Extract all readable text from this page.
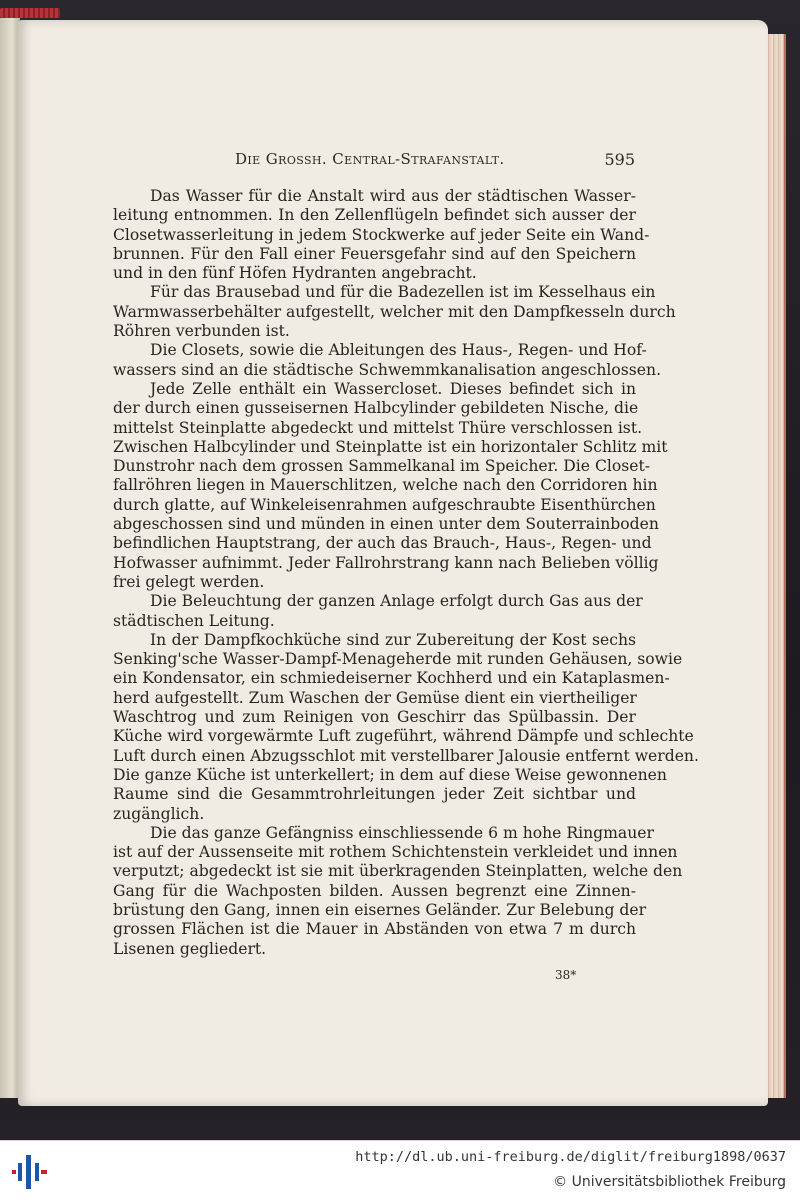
Die Grossh. Central-Strafanstalt.	595
Das Wasser für die Anstalt wird aus der städtischen Wasser-
leitung entnommen. In den Zellenflügeln befindet sich ausser der
Closetwasserleitung in jedem Stockwerke auf jeder Seite ein Wand-
brunnen. Für den Fall einer Feuersgefahr sind auf den Speichern
und in den fünf Höfen Hydranten angebracht.
Für das Brausebad und für die Badezellen ist im Kesselhaus ein
Warmwasserbehälter aufgestellt, welcher mit den Dampfkesseln durch
Röhren verbunden ist.
Die Closets, sowie die Ableitungen des Haus-, Regen- und Hof-
wassers sind an die städtische Schwemmkanalisation angeschlossen.
Jede Zelle enthält ein Wassercloset. Dieses befindet sich in
der durch einen gusseisernen Halbcylinder gebildeten Nische, die
mittelst Steinplatte abgedeckt und mittelst Thüre verschlossen ist.
Zwischen Halbcylinder und Steinplatte ist ein horizontaler Schlitz mit
Dunstrohr nach dem grossen Sammelkanal im Speicher. Die Closet-
fallröhren liegen in Mauerschlitzen, welche nach den Corridoren hin
durch glatte, auf Winkeleisenrahmen aufgeschraubte Eisenthürchen
abgeschossen sind und münden in einen unter dem Souterrainboden
befindlichen Hauptstrang, der auch das Brauch-, Haus-, Regen- und
Hofwasser aufnimmt. Jeder Fallrohrstrang kann nach Belieben völlig
frei gelegt werden.
Die Beleuchtung der ganzen Anlage erfolgt durch Gas aus der
städtischen Leitung.
In der Dampfkochküche sind zur Zubereitung der Kost sechs
Senking'sche Wasser-Dampf-Menageherde mit runden Gehäusen, sowie
ein Kondensator, ein schmiedeiserner Kochherd und ein Kataplasmen-
herd aufgestellt. Zum Waschen der Gemüse dient ein viertheiliger
Waschtrog und zum Reinigen von Geschirr das Spülbassin. Der
Küche wird vorgewärmte Luft zugeführt, während Dämpfe und schlechte
Luft durch einen Abzugsschlot mit verstellbarer Jalousie entfernt werden.
Die ganze Küche ist unterkellert; in dem auf diese Weise gewonnenen
Raume sind die Gesammtrohrleitungen jeder Zeit sichtbar und
zugänglich.
Die das ganze Gefängniss einschliessende 6 m hohe Ringmauer
ist auf der Aussenseite mit rothem Schichtenstein verkleidet und innen
verputzt; abgedeckt ist sie mit überkragenden Steinplatten, welche den
Gang für die Wachposten bilden. Aussen begrenzt eine Zinnen-
brüstung den Gang, innen ein eisernes Geländer. Zur Belebung der
grossen Flächen ist die Mauer in Abständen von etwa 7 m durch
Lisenen gegliedert.
38*
http://dl.ub.uni-freiburg.de/diglit/freiburg1898/0637
© Universitätsbibliothek Freiburg
